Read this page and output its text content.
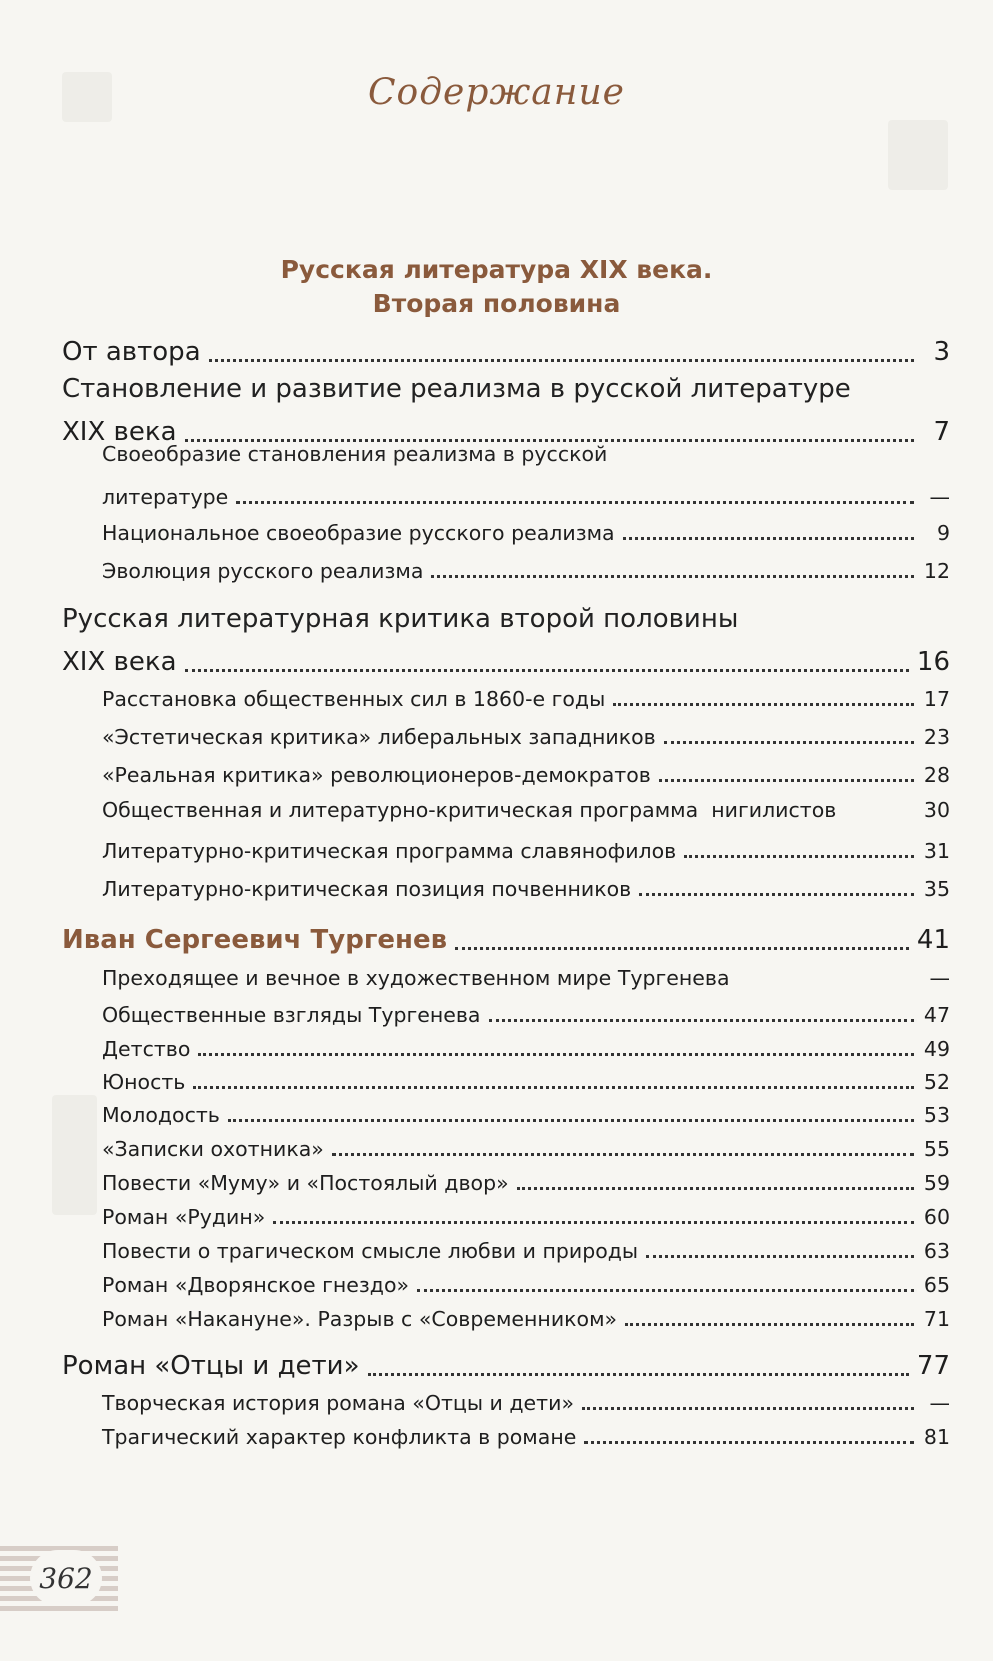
Содержание
Русская литература XIX века.
Вторая половина
От автора	3
Становление и развитие реализма в русской литературе
XIX века	7
Своеобразие становления реализма в русской
литературе	—
Национальное своеобразие русского реализма	9
Эволюция русского реализма	12
Русская литературная критика второй половины
XIX века	16
Расстановка общественных сил в 1860-е годы	17
«Эстетическая критика» либеральных западников	23
«Реальная критика» революционеров-демократов	28
Общественная и литературно-критическая программа  нигилистов	30
Литературно-критическая программа славянофилов	31
Литературно-критическая позиция почвенников	35
Иван Сергеевич Тургенев	41
Преходящее и вечное в художественном мире Тургенева	—
Общественные взгляды Тургенева	47
Детство	49
Юность	52
Молодость	53
«Записки охотника»	55
Повести «Муму» и «Постоялый двор»	59
Роман «Рудин»	60
Повести о трагическом смысле любви и природы	63
Роман «Дворянское гнездо»	65
Роман «Накануне». Разрыв с «Современником»	71
Роман «Отцы и дети»	77
Творческая история романа «Отцы и дети»	—
Трагический характер конфликта в романе	81
362
